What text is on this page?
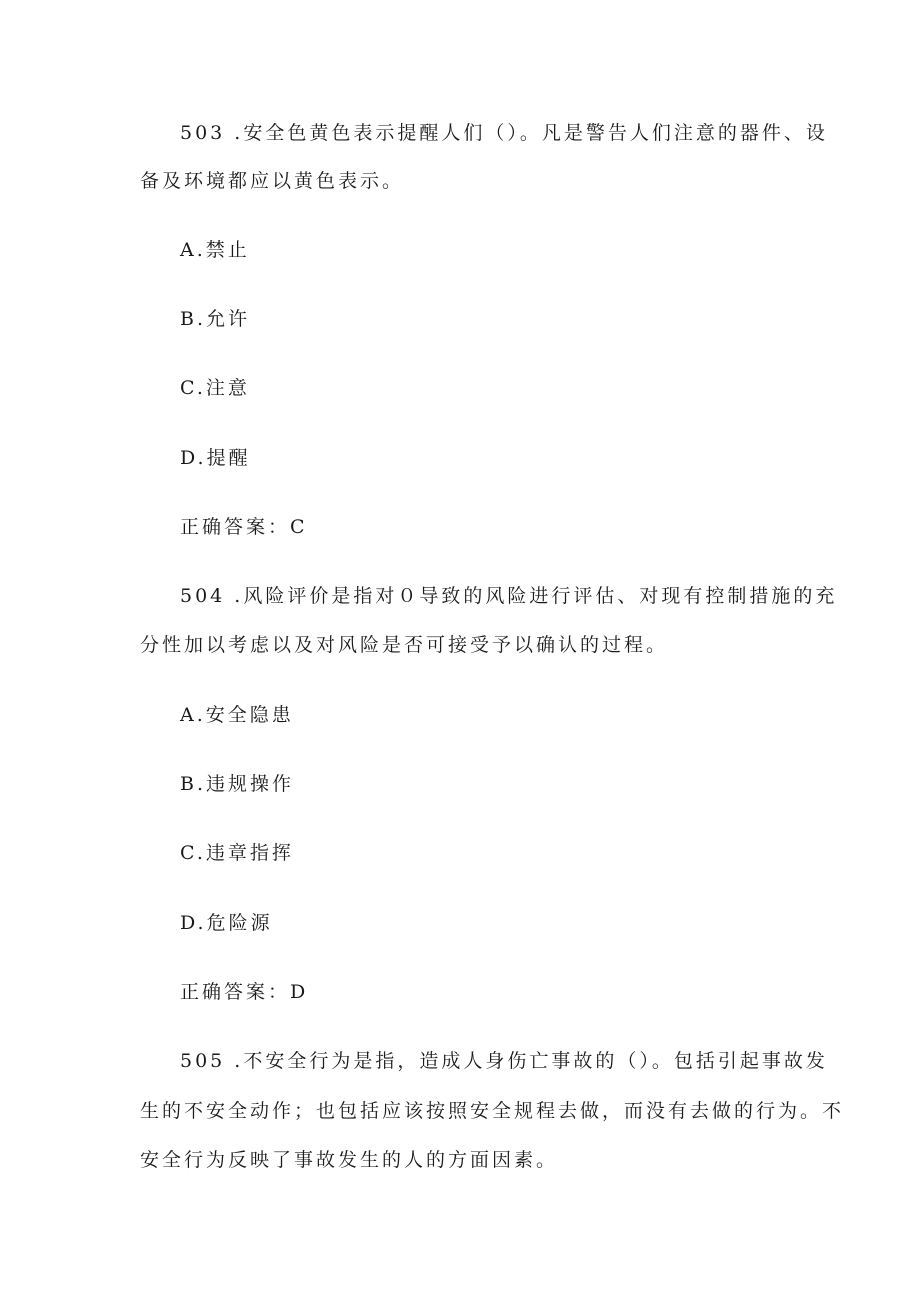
503 .安全色黄色表示提醒人们（）。凡是警告人们注意的器件、设
备及环境都应以黄色表示。
A.禁止
B.允许
C.注意
D.提醒
正确答案：C
504 .风险评价是指对０导致的风险进行评估、对现有控制措施的充
分性加以考虑以及对风险是否可接受予以确认的过程。
A.安全隐患
B.违规操作
C.违章指挥
D.危险源
正确答案：D
505 .不安全行为是指，造成人身伤亡事故的（）。包括引起事故发
生的不安全动作；也包括应该按照安全规程去做，而没有去做的行为。不
安全行为反映了事故发生的人的方面因素。
